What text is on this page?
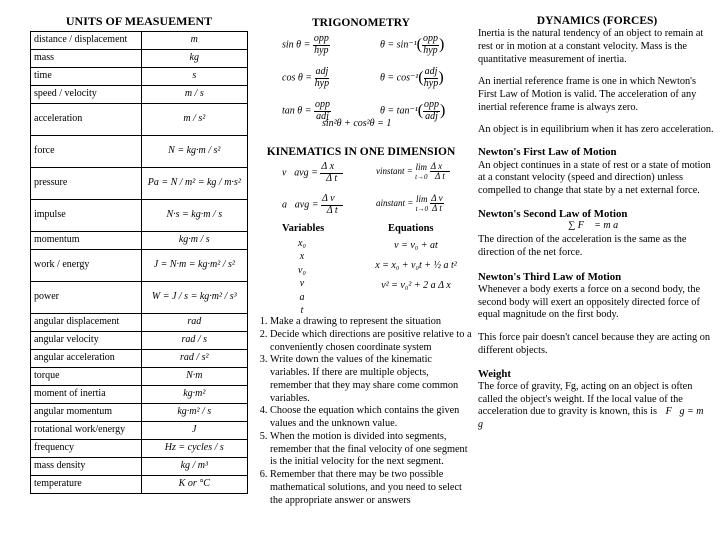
UNITS OF MEASUEMENT
distance / displacement	m
mass	kg
time	s
speed / velocity	m / s
acceleration	m / s²
force	N = kg·m / s²
pressure	Pa = N / m² = kg / m·s²
impulse	N·s = kg·m / s
momentum	kg·m / s
work / energy	J = N·m = kg·m² / s²
power	W = J / s = kg·m² / s³
angular displacement	rad
angular velocity	rad / s
angular acceleration	rad / s²
torque	N·m
moment of inertia	kg·m²
angular momentum	kg·m² / s
rotational work/energy	J
frequency	Hz = cycles / s
mass density	kg / m³
temperature	K or °C
TRIGONOMETRY
$\sin \theta = \frac{\text{opp}}{\text{hyp}}$	$\theta = \sin^{-1}( \frac{\text{opp}}{\text{hyp}}$ )
$\cos \theta = \frac{\text{adj}}{\text{hyp}}$	$\theta = \cos^{-1}( \frac{\text{adj}}{\text{hyp}}$ )
$\tan \theta = \frac{\text{opp}}{\text{adj}}$	$\theta = \tan^{-1}( \frac{\text{opp}}{\text{adj}}$ )
sin²θ + cos²θ = 1
KINEMATICS IN ONE DIMENSION
v⃗avg = $\frac{\text{Δ x⃗}}{\text{Δ t}}$	vinstant = lim
t→0
$\frac{\text{Δ x⃗}}{\text{Δ t}}$
a⃗avg = $\frac{\text{Δ v⃗}}{\text{Δ t}}$	ainstant = lim
t→0
$\frac{\text{Δ v}}{\text{Δ t}}$
Variables	Equations
x₀
x
v₀
v
a
t
v = v₀ + at
x = x₀ + v₀t + ½ a t²
v² = v₀² + 2 a Δ x
1. Make a drawing to represent the situation
2. Decide which directions are positive relative to a conveniently chosen coordinate system
3. Write down the values of the kinematic variables. If there are multiple objects, remember that they may share come common variables.
4. Choose the equation which contains the given values and the unknown value.
5. When the motion is divided into segments, remember that the final velocity of one segment is the initial velocity for the next segment.
6. Remember that there may be two possible mathematical solutions, and you need to select the appropriate answer or answers
DYNAMICS (FORCES)

Inertia is the natural tendency of an object to remain at rest or in motion at a constant velocity. Mass is the quantitative measurement of inertia.

An inertial reference frame is one in which Newton's First Law of Motion is valid. The acceleration of any inertial reference frame is always zero.

An object is in equilibrium when it has zero acceleration.

Newton's First Law of Motion

An object continues in a state of rest or a state of motion at a constant velocity (speed and direction) unless compelled to change that state by a net external force.

Newton's Second Law of Motion
∑ F⃗ = m a⃗

The direction of the acceleration is the same as the direction of the net force.

Newton's Third Law of Motion

Whenever a body exerts a force on a second body, the second body will exert an oppositely directed force of equal magnitude on the first body.

This force pair doesn't cancel because they are acting on different objects.

Weight

The force of gravity, Fg, acting on an object is often called the object's weight. If the local value of the acceleration due to gravity is known, this is F⃗g = m g⃗
